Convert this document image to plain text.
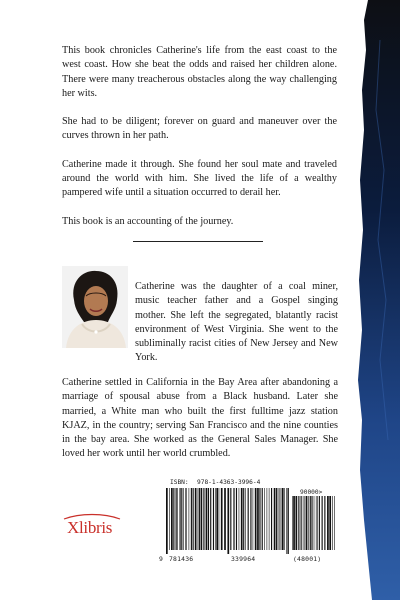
This book chronicles Catherine's life from the east coast to the west coast. How she beat the odds and raised her children alone. There were many treacherous obstacles along the way challenging her wits.

She had to be diligent; forever on guard and maneuver over the curves thrown in her path.

Catherine made it through. She found her soul mate and traveled around the world with him. She lived the life of a wealthy pampered wife until a situation occurred to derail her.

This book is an accounting of the journey.

Catherine was the daughter of a coal miner, music teacher father and a Gospel singing mother. She left the segregated, blatantly racist environment of West Virginia. She went to the subliminally racist cities of New Jersey and New York.

Catherine settled in California in the Bay Area after abandoning a marriage of spousal abuse from a Black husband. Later she married, a White man who built the first fulltime jazz station KJAZ, in the country; serving San Francisco and the nine counties in the bay area. She worked as the General Sales Manager. She loved her work until her world crumbled.

Xlibris
ISBN: 978-1-4363-3996-4
90000>
9 781436	339964	(48001)
